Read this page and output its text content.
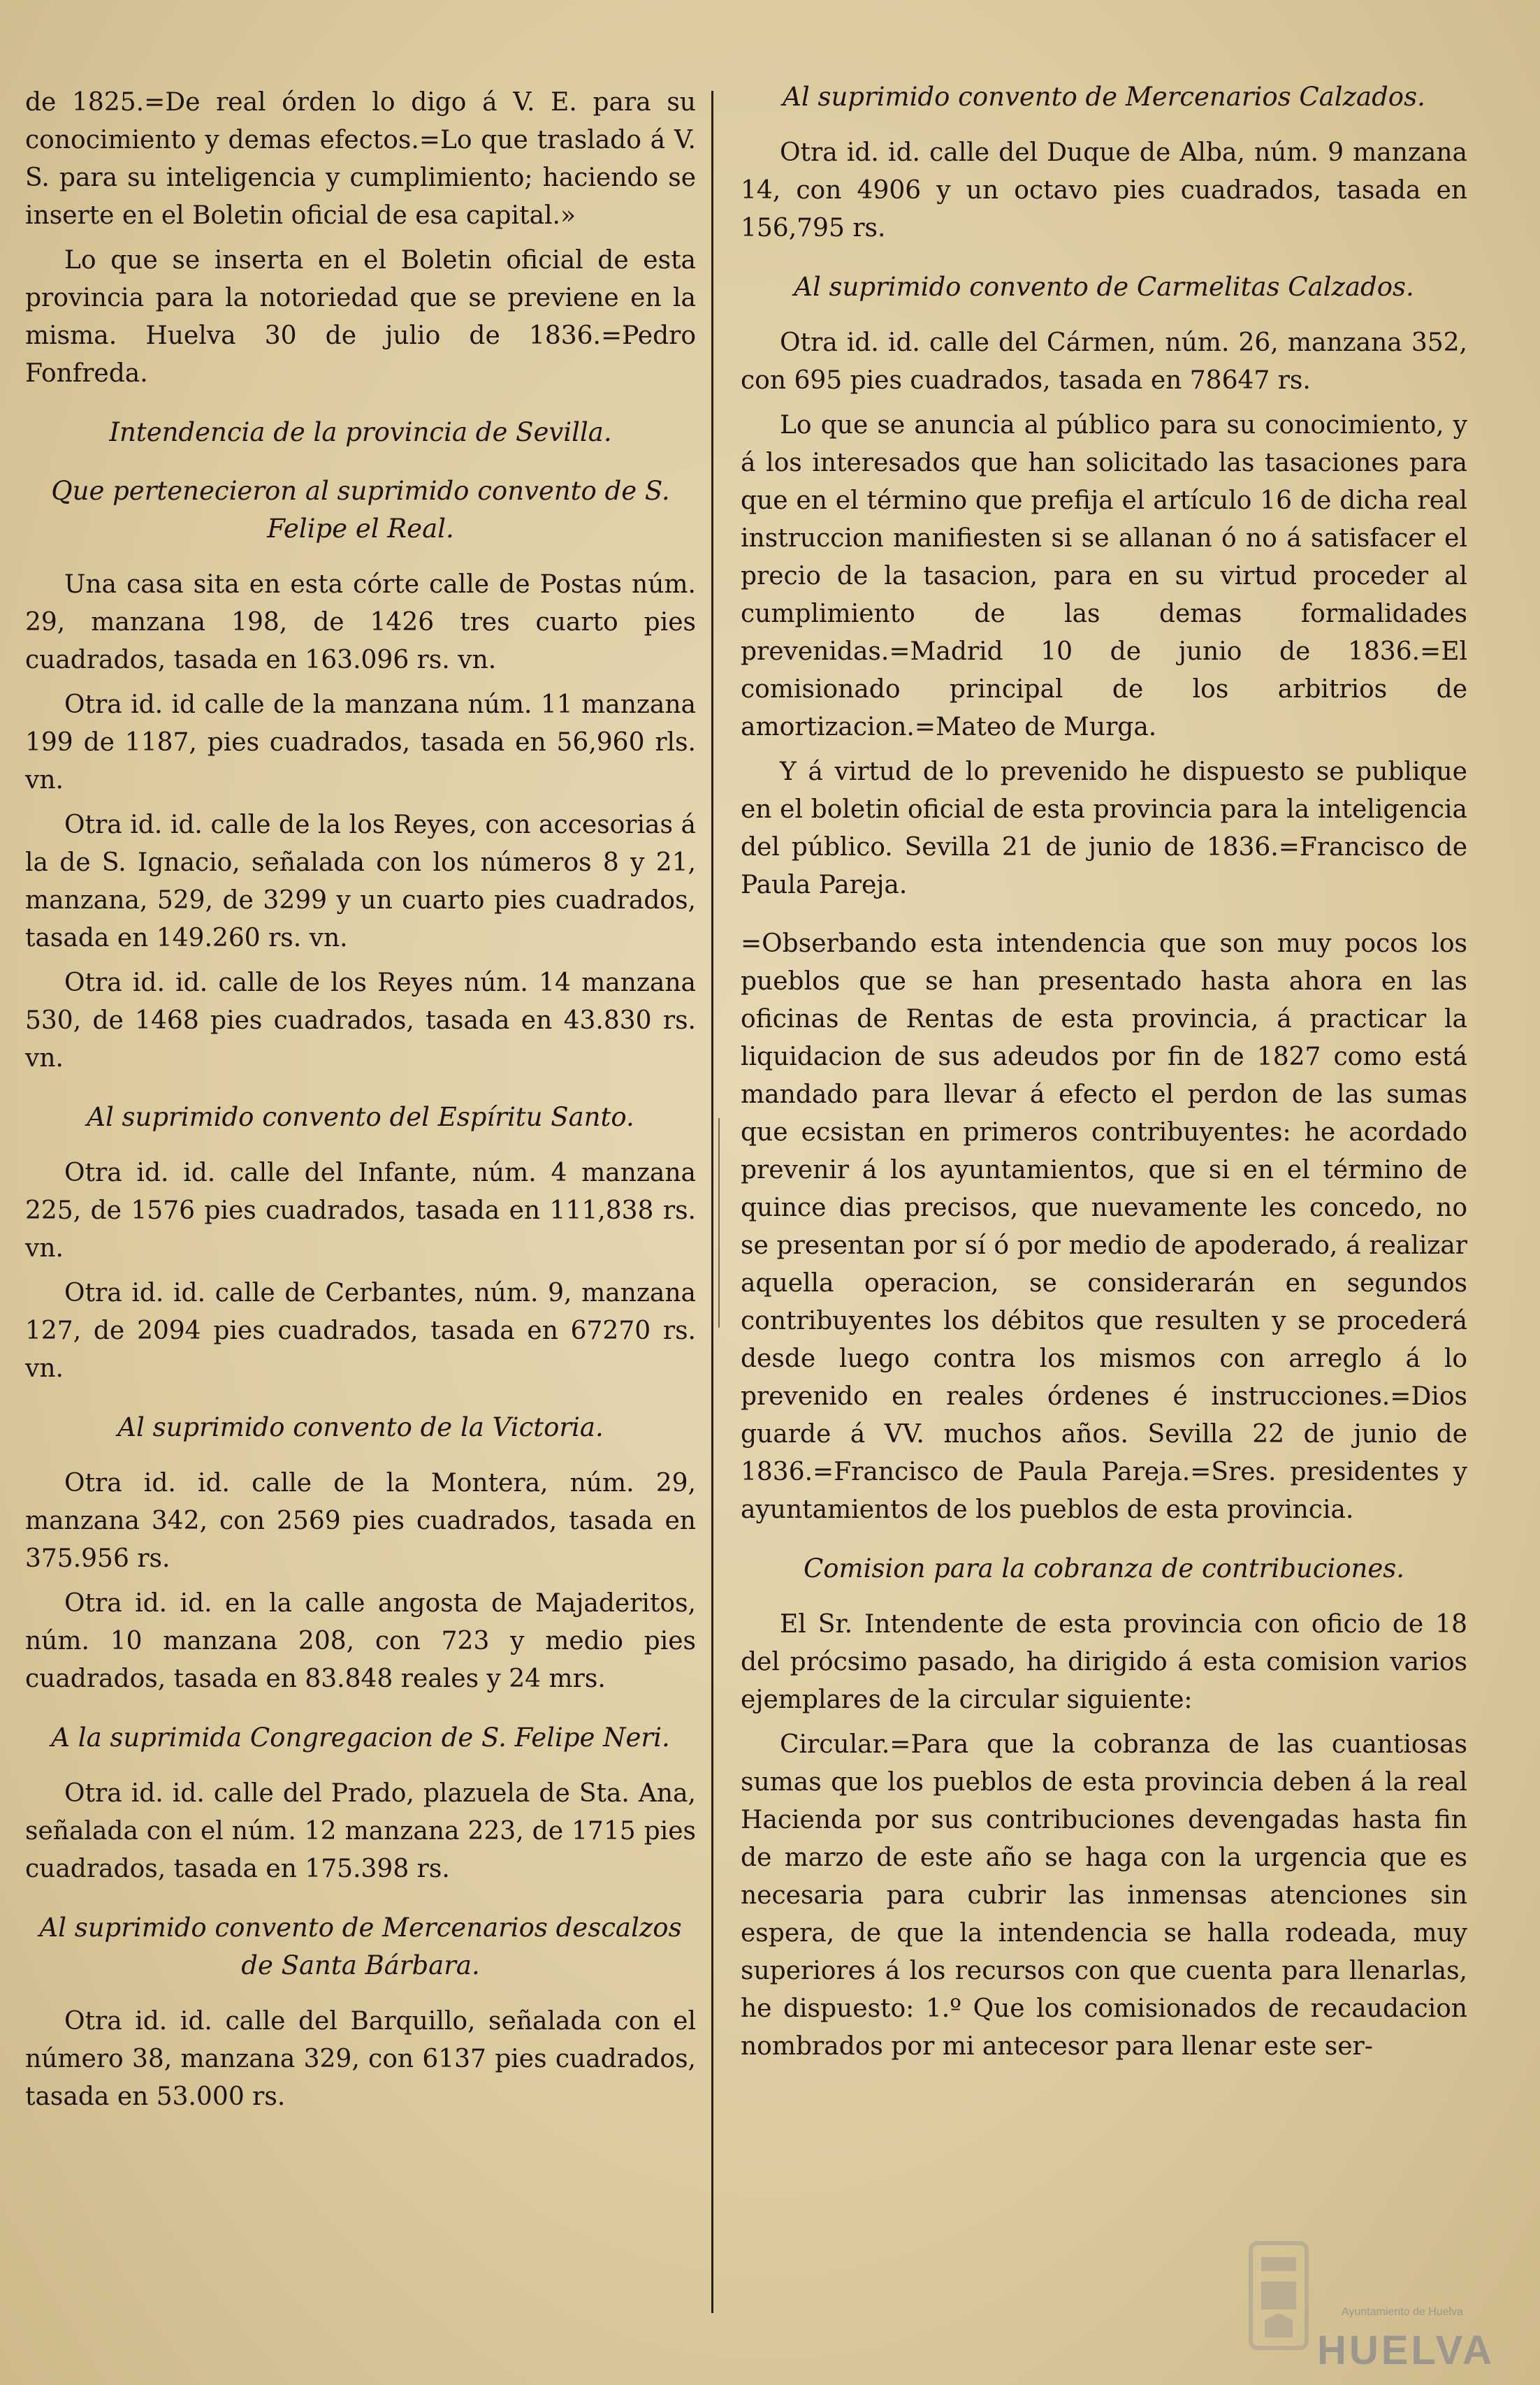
de 1825.=De real órden lo digo á V. E. para su conocimiento y demas efectos.=Lo que traslado á V. S. para su inteligencia y cumplimiento; haciendo se inserte en el Boletin oficial de esa capital.»

Lo que se inserta en el Boletin oficial de esta provincia para la notoriedad que se previene en la misma. Huelva 30 de julio de 1836.=Pedro Fonfreda.

Intendencia de la provincia de Sevilla.

Que pertenecieron al suprimido convento de S. Felipe el Real.

Una casa sita en esta córte calle de Postas núm. 29, manzana 198, de 1426 tres cuarto pies cuadrados, tasada en 163.096 rs. vn.

Otra id. id calle de la manzana núm. 11 manzana 199 de 1187, pies cuadrados, tasada en 56,960 rls. vn.

Otra id. id. calle de la los Reyes, con accesorias á la de S. Ignacio, señalada con los números 8 y 21, manzana, 529, de 3299 y un cuarto pies cuadrados, tasada en 149.260 rs. vn.

Otra id. id. calle de los Reyes núm. 14 manzana 530, de 1468 pies cuadrados, tasada en 43.830 rs. vn.

Al suprimido convento del Espíritu Santo.

Otra id. id. calle del Infante, núm. 4 manzana 225, de 1576 pies cuadrados, tasada en 111,838 rs. vn.

Otra id. id. calle de Cerbantes, núm. 9, manzana 127, de 2094 pies cuadrados, tasada en 67270 rs. vn.

Al suprimido convento de la Victoria.

Otra id. id. calle de la Montera, núm. 29, manzana 342, con 2569 pies cuadrados, tasada en 375.956 rs.

Otra id. id. en la calle angosta de Majaderitos, núm. 10 manzana 208, con 723 y medio pies cuadrados, tasada en 83.848 reales y 24 mrs.

A la suprimida Congregacion de S. Felipe Neri.

Otra id. id. calle del Prado, plazuela de Sta. Ana, señalada con el núm. 12 manzana 223, de 1715 pies cuadrados, tasada en 175.398 rs.

Al suprimido convento de Mercenarios descalzos de Santa Bárbara.

Otra id. id. calle del Barquillo, señalada con el número 38, manzana 329, con 6137 pies cuadrados, tasada en 53.000 rs.

Al suprimido convento de Mercenarios Calzados.

Otra id. id. calle del Duque de Alba, núm. 9 manzana 14, con 4906 y un octavo pies cuadrados, tasada en 156,795 rs.

Al suprimido convento de Carmelitas Calzados.

Otra id. id. calle del Cármen, núm. 26, manzana 352, con 695 pies cuadrados, tasada en 78647 rs.

Lo que se anuncia al público para su conocimiento, y á los interesados que han solicitado las tasaciones para que en el término que prefija el artículo 16 de dicha real instruccion manifiesten si se allanan ó no á satisfacer el precio de la tasacion, para en su virtud proceder al cumplimiento de las demas formalidades prevenidas.=Madrid 10 de junio de 1836.=El comisionado principal de los arbitrios de amortizacion.=Mateo de Murga.

Y á virtud de lo prevenido he dispuesto se publique en el boletin oficial de esta provincia para la inteligencia del público. Sevilla 21 de junio de 1836.=Francisco de Paula Pareja.

=Obserbando esta intendencia que son muy pocos los pueblos que se han presentado hasta ahora en las oficinas de Rentas de esta provincia, á practicar la liquidacion de sus adeudos por fin de 1827 como está mandado para llevar á efecto el perdon de las sumas que ecsistan en primeros contribuyentes: he acordado prevenir á los ayuntamientos, que si en el término de quince dias precisos, que nuevamente les concedo, no se presentan por sí ó por medio de apoderado, á realizar aquella operacion, se considerarán en segundos contribuyentes los débitos que resulten y se procederá desde luego contra los mismos con arreglo á lo prevenido en reales órdenes é instrucciones.=Dios guarde á VV. muchos años. Sevilla 22 de junio de 1836.=Francisco de Paula Pareja.=Sres. presidentes y ayuntamientos de los pueblos de esta provincia.

Comision para la cobranza de contribuciones.

El Sr. Intendente de esta provincia con oficio de 18 del prócsimo pasado, ha dirigido á esta comision varios ejemplares de la circular siguiente:

Circular.=Para que la cobranza de las cuantiosas sumas que los pueblos de esta provincia deben á la real Hacienda por sus contribuciones devengadas hasta fin de marzo de este año se haga con la urgencia que es necesaria para cubrir las inmensas atenciones sin espera, de que la intendencia se halla rodeada, muy superiores á los recursos con que cuenta para llenarlas, he dispuesto: 1.º Que los comisionados de recaudacion nombrados por mi antecesor para llenar este ser-

Ayuntamiento de Huelva
HUELVA
